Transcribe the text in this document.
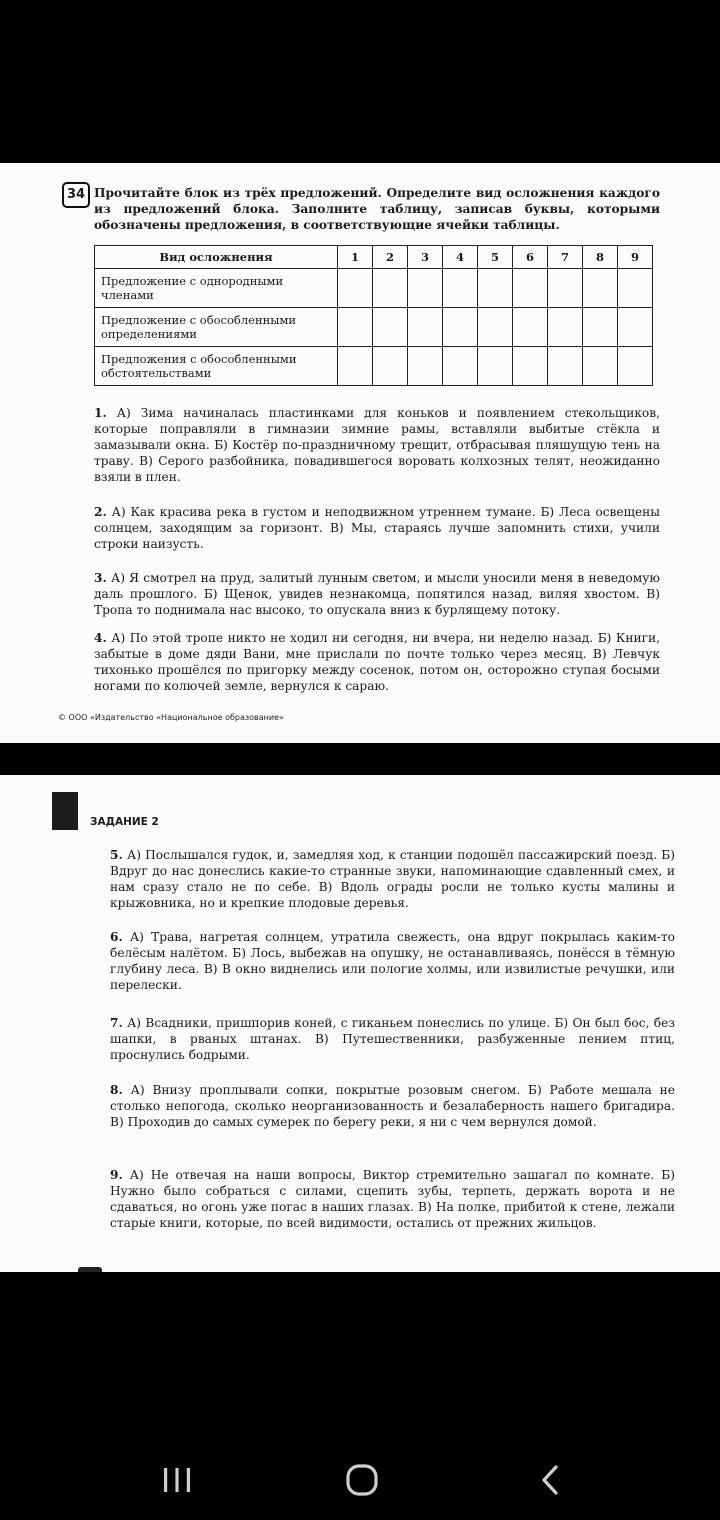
34 Прочитайте блок из трёх предложений. Определите вид осложнения каждого из предложений блока. Заполните таблицу, записав буквы, которыми обозначены предложения, в соответствующие ячейки таблицы.
Вид осложнения	1	2	3	4	5	6	7	8	9
Предложение с однородными членами									
Предложение с обособленными определениями									
Предложения с обособленными обстоятельствами									
1. А) Зима начиналась пластинками для коньков и появлением стекольщиков, которые поправляли в гимназии зимние рамы, вставляли выбитые стёкла и замазывали окна. Б) Костёр по-праздничному трещит, отбрасывая пляшущую тень на траву. В) Серого разбойника, повадившегося воровать колхозных телят, неожиданно взяли в плен.
2. А) Как красива река в густом и неподвижном утреннем тумане. Б) Леса освещены солнцем, заходящим за горизонт. В) Мы, стараясь лучше запомнить стихи, учили строки наизусть.
3. А) Я смотрел на пруд, залитый лунным светом, и мысли уносили меня в неведомую даль прошлого. Б) Щенок, увидев незнакомца, попятился назад, виляя хвостом. В) Тропа то поднимала нас высоко, то опускала вниз к бурлящему потоку.
4. А) По этой тропе никто не ходил ни сегодня, ни вчера, ни неделю назад. Б) Книги, забытые в доме дяди Вани, мне прислали по почте только через месяц. В) Левчук тихонько прошёлся по пригорку между сосенок, потом он, осторожно ступая босыми ногами по колючей земле, вернулся к сараю.
© ООО «Издательство «Национальное образование»
ЗАДАНИЕ 2
5. А) Послышался гудок, и, замедляя ход, к станции подошёл пассажирский поезд. Б) Вдруг до нас донеслись какие-то странные звуки, напоминающие сдавленный смех, и нам сразу стало не по себе. В) Вдоль ограды росли не только кусты малины и крыжовника, но и крепкие плодовые деревья.
6. А) Трава, нагретая солнцем, утратила свежесть, она вдруг покрылась каким-то белёсым налётом. Б) Лось, выбежав на опушку, не останавливаясь, понёсся в тёмную глубину леса. В) В окно виднелись или пологие холмы, или извилистые речушки, или перелески.
7. А) Всадники, пришпорив коней, с гиканьем понеслись по улице. Б) Он был бос, без шапки, в рваных штанах. В) Путешественники, разбуженные пением птиц, проснулись бодрыми.
8. А) Внизу проплывали сопки, покрытые розовым снегом. Б) Работе мешала не столько непогода, сколько неорганизованность и безалаберность нашего бригадира. В) Проходив до самых сумерек по берегу реки, я ни с чем вернулся домой.
9. А) Не отвечая на наши вопросы, Виктор стремительно зашагал по комнате. Б) Нужно было собраться с силами, сцепить зубы, терпеть, держать ворота и не сдаваться, но огонь уже погас в наших глазах. В) На полке, прибитой к стене, лежали старые книги, которые, по всей видимости, остались от прежних жильцов.
